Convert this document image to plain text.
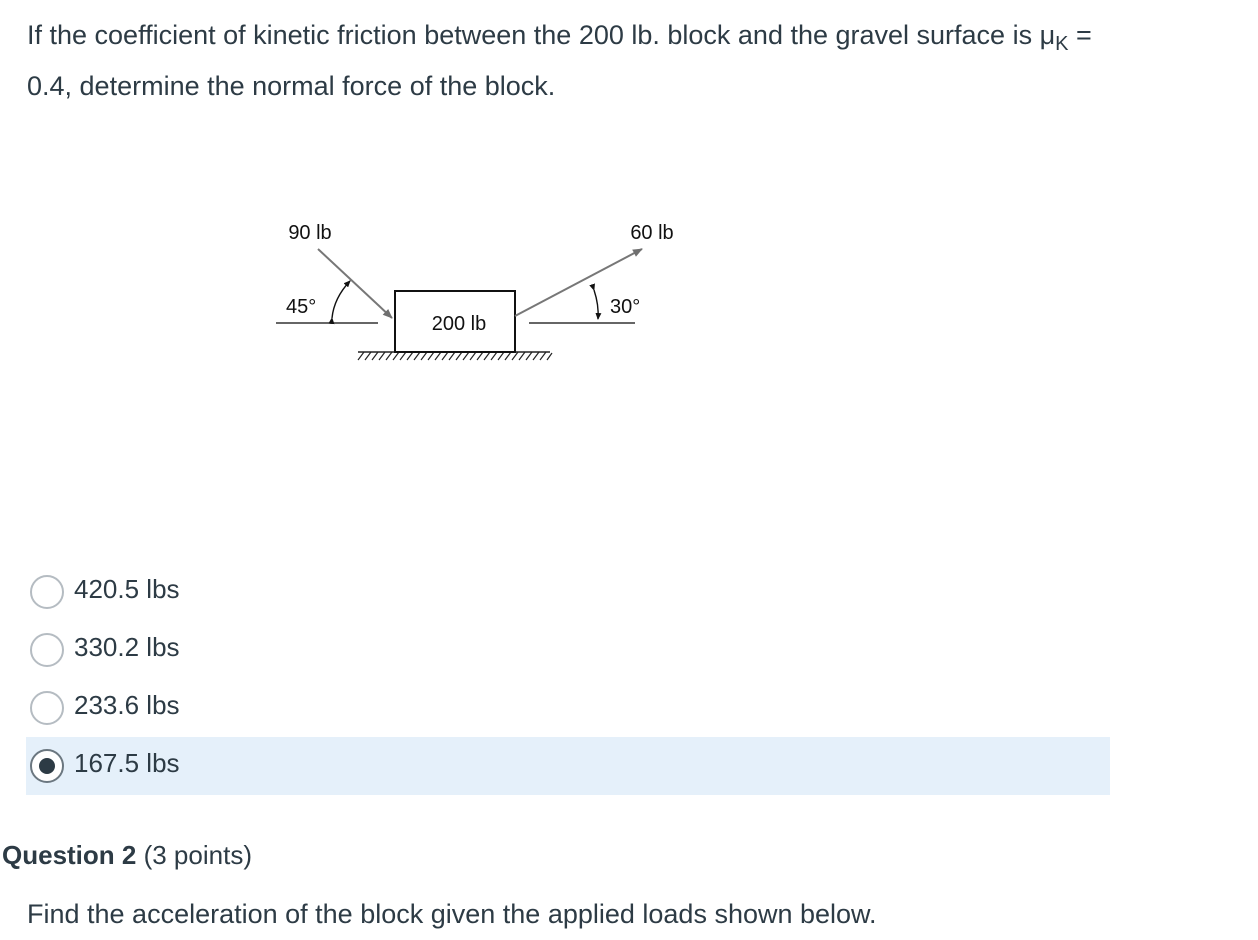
If the coefficient of kinetic friction between the 200 lb. block and the gravel surface is $\mu_K = 0.4$, determine the normal force of the block.
200 lb
90 lb
45°
60 lb
30°
420.5 lbs
330.2 lbs
233.6 lbs
167.5 lbs
Question 2 (3 points)
Find the acceleration of the block given the applied loads shown below.
